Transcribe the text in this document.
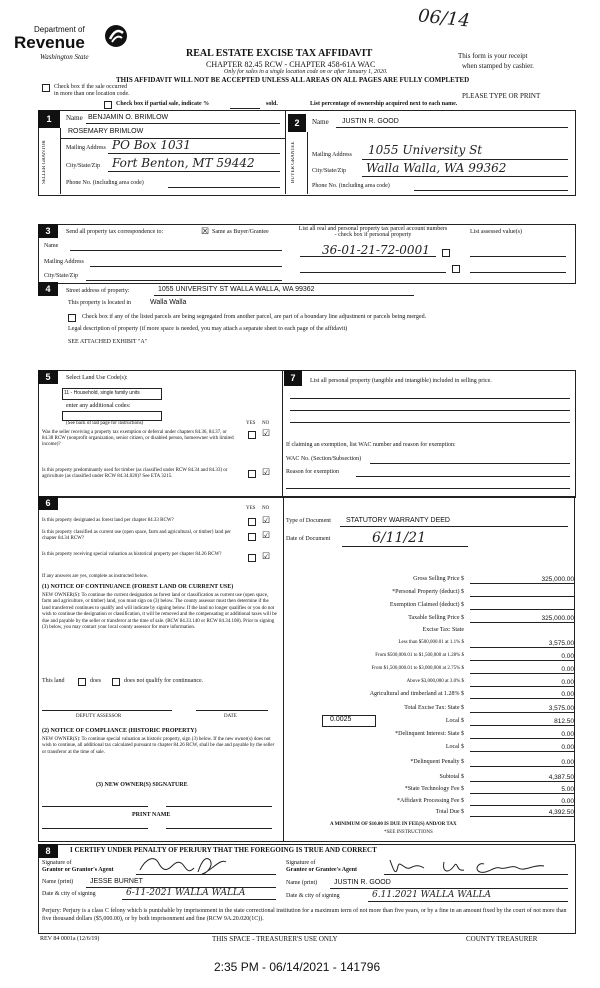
06/14
Department of
Revenue
Washington State	REAL ESTATE EXCISE TAX AFFIDAVIT
CHAPTER 82.45 RCW - CHAPTER 458-61A WAC
Only for sales in a single location code on or after January 1, 2020.
THIS AFFIDAVIT WILL NOT BE ACCEPTED UNLESS ALL AREAS ON ALL PAGES ARE FULLY COMPLETED
This form is your receipt
when stamped by cashier.
PLEASE TYPE OR PRINT
Check box if the sale occurred
in more than one location code.
Check box if partial sale, indicate %	sold.	List percentage of ownership acquired next to each name.
1
SELLER GRANTOR
Name BENJAMIN O. BRIMLOW
ROSEMARY BRIMLOW
Mailing Address PO Box 1031
City/State/Zip Fort Benton, MT 59442
Phone No. (including area code)
2
BUYER GRANTEE
Name JUSTIN R. GOOD
Mailing Address 1055 University St
City/State/Zip Walla Walla, WA 99362
Phone No. (including area code)
3	Send all property tax correspondence to:	☒ Same as Buyer/Grantee
Name
Mailing Address
City/State/Zip
List all real and personal property tax parcel account numbers - check box if personal property	List assessed value(s)
36-01-21-72-0001
4	Street address of property:	1055 UNIVERSITY ST WALLA WALLA, WA 99362
This property is located in	Walla Walla
Check box if any of the listed parcels are being segregated from another parcel, are part of a boundary line adjustment or parcels being merged.
Legal description of property (if more space is needed, you may attach a separate sheet to each page of the affidavit)
SEE ATTACHED EXHIBIT "A"
5	Select Land Use Code(s):
11 - Household, single family units
enter any additional codes:
(See back of last page for instructions)	YES NO
Was the seller receiving a property tax exemption or deferral under chapters 84.36, 84.37, or 84.38 RCW (nonprofit organization, senior citizen, or disabled person, homeowner with limited income)?
☑
Is this property predominantly used for timber (as classified under RCW 84.34 and 84.33) or agriculture (as classified under RCW 84.34.020)? See ETA 3215.	☑
7	List all personal property (tangible and intangible) included in selling price.
If claiming an exemption, list WAC number and reason for exemption:
WAC No. (Section/Subsection)
Reason for exemption
6
YES NO
Is this property designated as forest land per chapter 84.33 RCW?	☑
Is this property classified as current use (open space, farm and agricultural, or timber) land per chapter 84.34 RCW?	☑
Is this property receiving special valuation as historical property per chapter 84.26 RCW?	☑
If any answers are yes, complete as instructed below.
(1) NOTICE OF CONTINUANCE (FOREST LAND OR CURRENT USE)
NEW OWNER(S): To continue the current designation as forest land or classification as current use (open space, farm and agriculture, or timber) land, you must sign on (3) below. The county assessor must then determine if the land transferred continues to qualify and will indicate by signing below. If the land no longer qualifies or you do not wish to continue the designation or classification, it will be removed and the compensating or additional taxes will be due and payable by the seller or transferor at the time of sale. (RCW 84.33.140 or RCW 84.34.108). Prior to signing (3) below, you may contact your local county assessor for more information.
This land	does	does not qualify for continuance.
DEPUTY ASSESSOR	DATE
(2) NOTICE OF COMPLIANCE (HISTORIC PROPERTY)
NEW OWNER(S): To continue special valuation as historic property, sign (3) below. If the new owner(s) does not wish to continue, all additional tax calculated pursuant to chapter 84.26 RCW, shall be due and payable by the seller or transferor at the time of sale.
(3) NEW OWNER(S) SIGNATURE
PRINT NAME
Type of Document STATUTORY WARRANTY DEED
Date of Document	6/11/21
Gross Selling Price $	325,000.00
*Personal Property (deduct) $
Exemption Claimed (deduct) $
Taxable Selling Price $	325,000.00
Excise Tax: State
Less than $500,000.01 at 1.1% $	3,575.00
From $500,000.01 to $1,500,000 at 1.28% $	0.00
From $1,500,000.01 to $3,000,000 at 2.75% $	0.00
Above $3,000,000 at 3.0% $	0.00
Agricultural and timberland at 1.28% $	0.00
Total Excise Tax: State $	3,575.00
0.0025	Local $	812.50
*Delinquent Interest: State $	0.00
Local $	0.00
*Delinquent Penalty $	0.00
Subtotal $	4,387.50
*State Technology Fee $	5.00
*Affidavit Processing Fee $	0.00
Total Due $	4,392.50
A MINIMUM OF $10.00 IS DUE IN FEE(S) AND/OR TAX
*SEE INSTRUCTIONS
8	I CERTIFY UNDER PENALTY OF PERJURY THAT THE FOREGOING IS TRUE AND CORRECT
Signature of
Grantor or Grantor's Agent
Name (print) JESSE BURNET
Date & city of signing	6-11-2021 WALLA WALLA
Signature of
Grantee or Grantee's Agent
Name (print) JUSTIN R. GOOD
Date & city of signing	6.11.2021 WALLA WALLA
Perjury: Perjury is a class C felony which is punishable by imprisonment in the state correctional institution for a maximum term of not more than five years, or by a fine in an amount fixed by the court of not more than five thousand dollars ($5,000.00), or by both imprisonment and fine (RCW 9A.20.020(1C)).
REV 84 0001a (12/6/19)	THIS SPACE - TREASURER'S USE ONLY	COUNTY TREASURER
2:35 PM - 06/14/2021 - 141796
